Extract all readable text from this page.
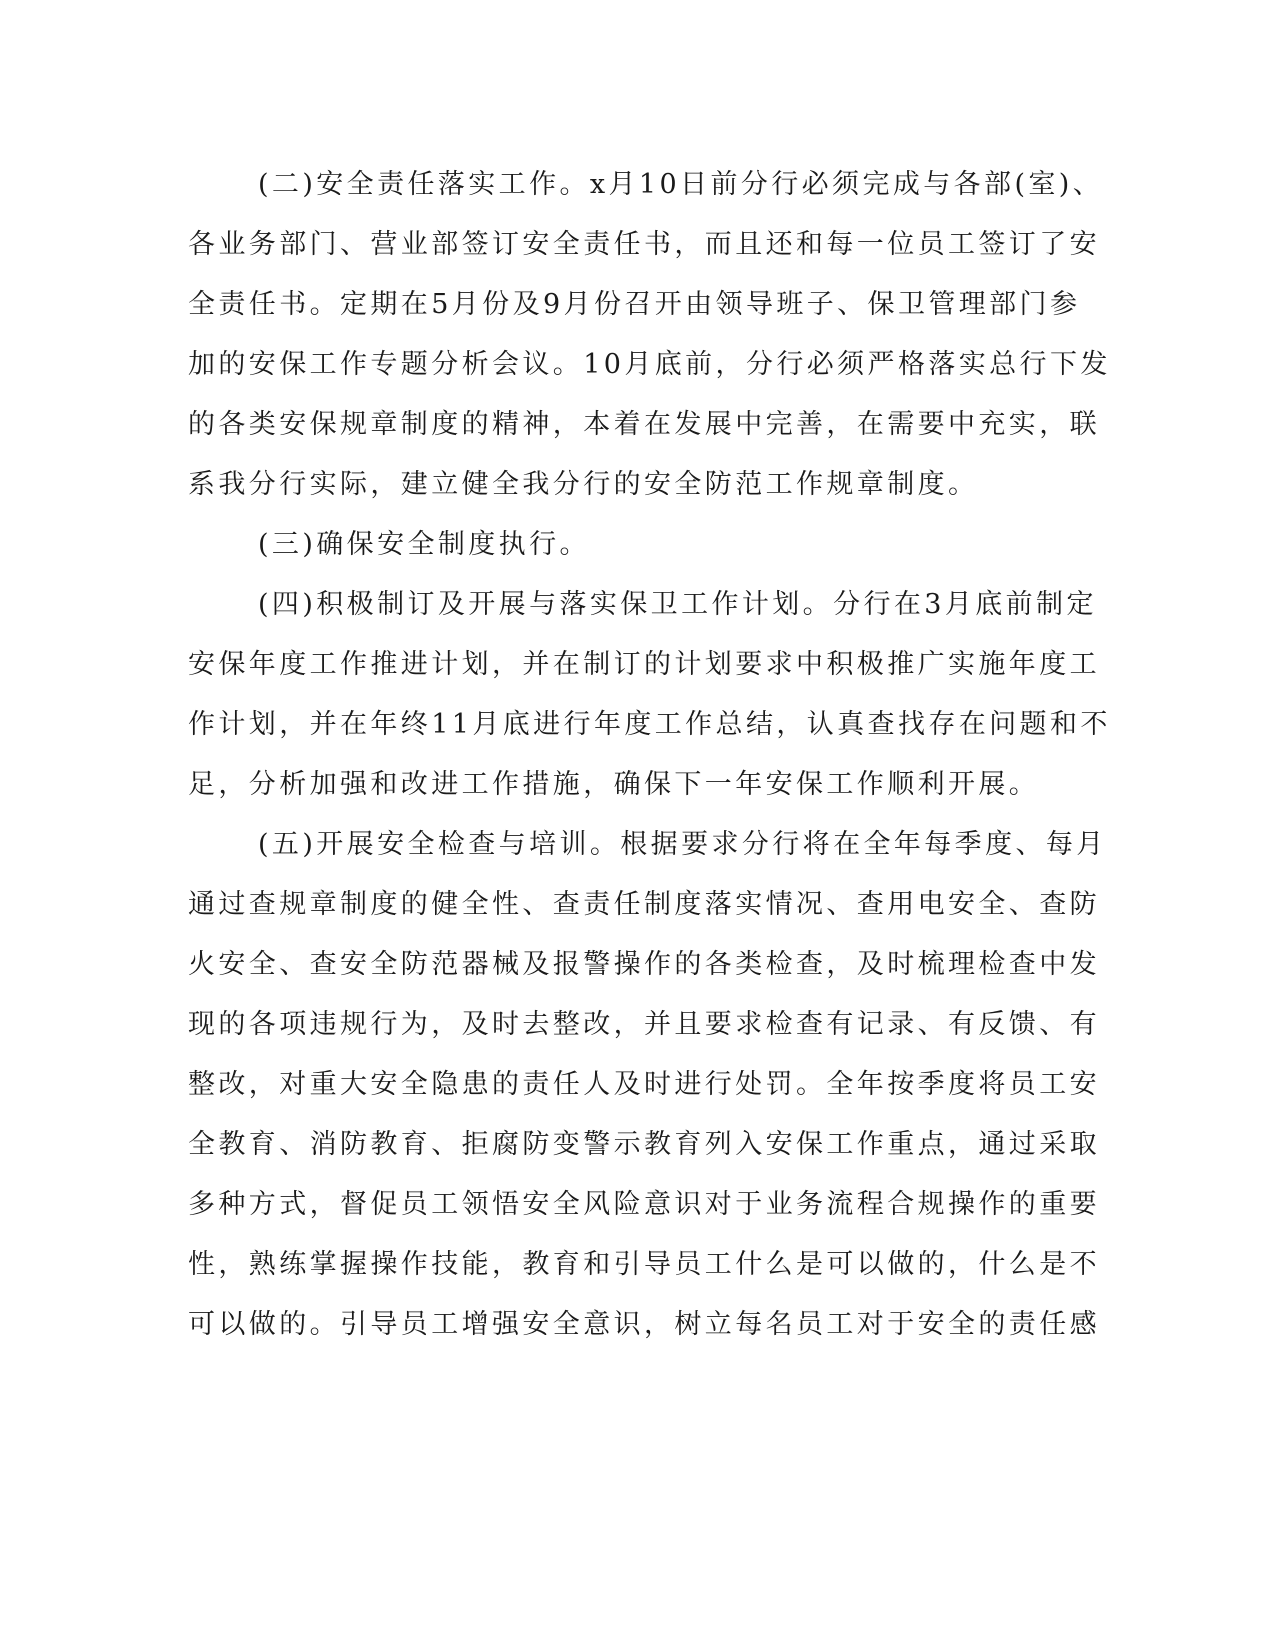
(二)安全责任落实工作。x月10日前分行必须完成与各部(室)、
各业务部门、营业部签订安全责任书，而且还和每一位员工签订了安
全责任书。定期在5月份及9月份召开由领导班子、保卫管理部门参
加的安保工作专题分析会议。10月底前，分行必须严格落实总行下发
的各类安保规章制度的精神，本着在发展中完善，在需要中充实，联
系我分行实际，建立健全我分行的安全防范工作规章制度。
(三)确保安全制度执行。
(四)积极制订及开展与落实保卫工作计划。分行在3月底前制定
安保年度工作推进计划，并在制订的计划要求中积极推广实施年度工
作计划，并在年终11月底进行年度工作总结，认真查找存在问题和不
足，分析加强和改进工作措施，确保下一年安保工作顺利开展。
(五)开展安全检查与培训。根据要求分行将在全年每季度、每月
通过查规章制度的健全性、查责任制度落实情况、查用电安全、查防
火安全、查安全防范器械及报警操作的各类检查，及时梳理检查中发
现的各项违规行为，及时去整改，并且要求检查有记录、有反馈、有
整改，对重大安全隐患的责任人及时进行处罚。全年按季度将员工安
全教育、消防教育、拒腐防变警示教育列入安保工作重点，通过采取
多种方式，督促员工领悟安全风险意识对于业务流程合规操作的重要
性，熟练掌握操作技能，教育和引导员工什么是可以做的，什么是不
可以做的。引导员工增强安全意识，树立每名员工对于安全的责任感
